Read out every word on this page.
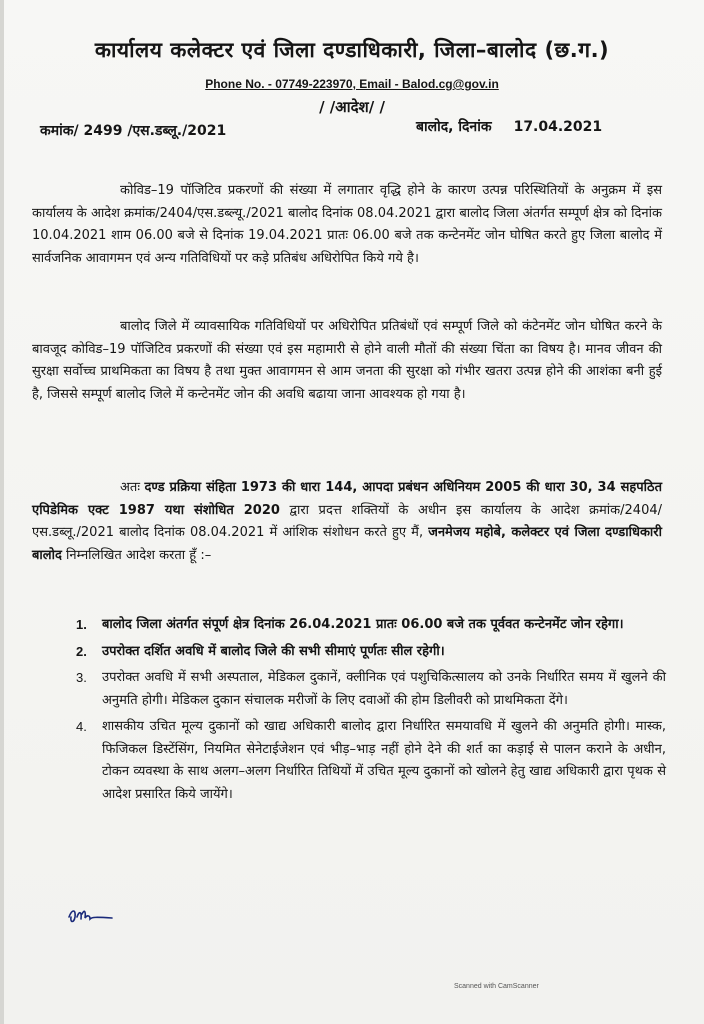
कार्यालय कलेक्टर एवं जिला दण्डाधिकारी, जिला–बालोद (छ.ग.)
Phone No. - 07749-223970, Email - Balod.cg@gov.in
/ /आदेश/ /
कमांक/ 2499 /एस.डब्लू./2021	बालोद, दिनांक 17.04.2021

कोविड–19 पॉजिटिव प्रकरणों की संख्या में लगातार वृद्धि होने के कारण उत्पन्न परिस्थितियों के अनुक्रम में इस कार्यालय के आदेश क्रमांक/2404/एस.डब्ल्यू./2021 बालोद दिनांक 08.04.2021 द्वारा बालोद जिला अंतर्गत सम्पूर्ण क्षेत्र को दिनांक 10.04.2021 शाम 06.00 बजे से दिनांक 19.04.2021 प्रातः 06.00 बजे तक कन्टेनमेंट जोन घोषित करते हुए जिला बालोद में सार्वजनिक आवागमन एवं अन्य गतिविधियों पर कड़े प्रतिबंध अधिरोपित किये गये है।

बालोद जिले में व्यावसायिक गतिविधियों पर अधिरोपित प्रतिबंधों एवं सम्पूर्ण जिले को कंटेनमेंट जोन घोषित करने के बावजूद कोविड–19 पॉजिटिव प्रकरणों की संख्या एवं इस महामारी से होने वाली मौतों की संख्या चिंता का विषय है। मानव जीवन की सुरक्षा सर्वोच्च प्राथमिकता का विषय है तथा मुक्त आवागमन से आम जनता की सुरक्षा को गंभीर खतरा उत्पन्न होने की आशंका बनी हुई है, जिससे सम्पूर्ण बालोद जिले में कन्टेनमेंट जोन की अवधि बढाया जाना आवश्यक हो गया है।

अतः दण्ड प्रक्रिया संहिता 1973 की धारा 144, आपदा प्रबंधन अधिनियम 2005 की धारा 30, 34 सहपठित एपिडेमिक एक्ट 1987 यथा संशोधित 2020 द्वारा प्रदत्त शक्तियों के अधीन इस कार्यालय के आदेश क्रमांक/2404/एस.डब्लू./2021 बालोद दिनांक 08.04.2021 में आंशिक संशोधन करते हुए मैं, जनमेजय महोबे, कलेक्टर एवं जिला दण्डाधिकारी बालोद निम्नलिखित आदेश करता हूँ :–

1. बालोद जिला अंतर्गत संपूर्ण क्षेत्र दिनांक 26.04.2021 प्रातः 06.00 बजे तक पूर्ववत कन्टेनमेंट जोन रहेगा।
2. उपरोक्त दर्शित अवधि में बालोद जिले की सभी सीमाएं पूर्णतः सील रहेगी।
3. उपरोक्त अवधि में सभी अस्पताल, मेडिकल दुकानें, क्लीनिक एवं पशुचिकित्सालय को उनके निर्धारित समय में खुलने की अनुमति होगी। मेडिकल दुकान संचालक मरीजों के लिए दवाओं की होम डिलीवरी को प्राथमिकता देंगे।
4. शासकीय उचित मूल्य दुकानों को खाद्य अधिकारी बालोद द्वारा निर्धारित समयावधि में खुलने की अनुमति होगी। मास्क, फिजिकल डिस्टेंसिंग, नियमित सेनेटाईजेशन एवं भीड़–भाड़ नहीं होने देने की शर्त का कड़ाई से पालन कराने के अधीन, टोकन व्यवस्था के साथ अलग–अलग निर्धारित तिथियों में उचित मूल्य दुकानों को खोलने हेतु खाद्य अधिकारी द्वारा पृथक से आदेश प्रसारित किये जायेंगे।
Scanned with CamScanner
